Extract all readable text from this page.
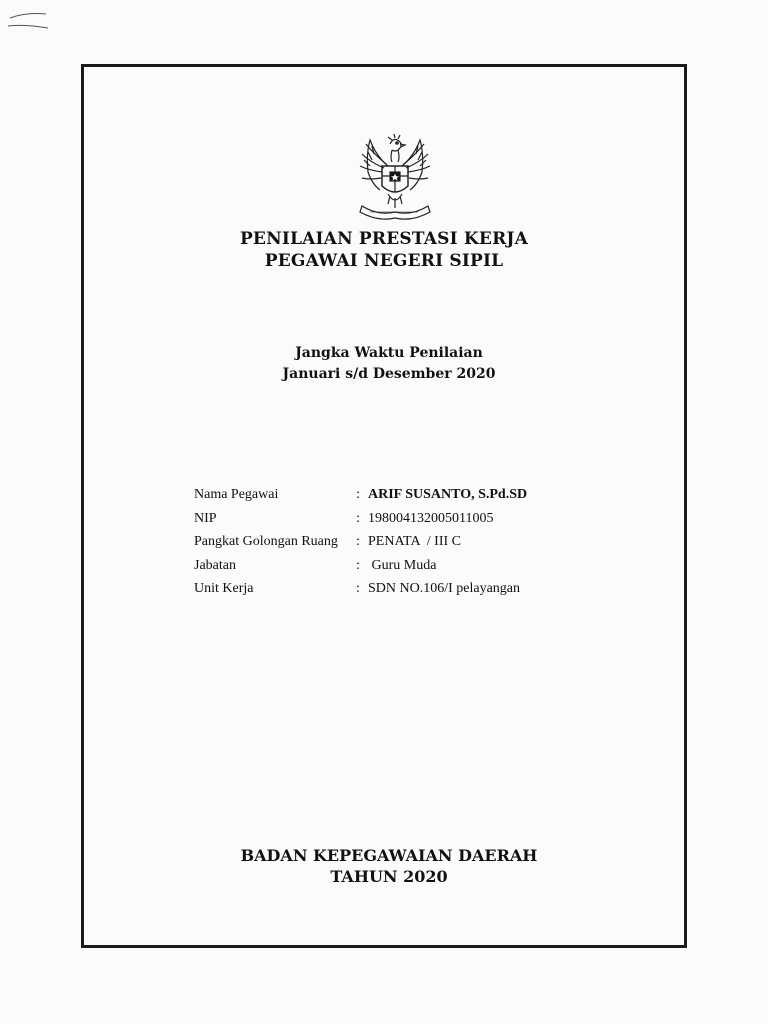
PENILAIAN PRESTASI KERJA
PEGAWAI NEGERI SIPIL
Jangka Waktu Penilaian
Januari s/d Desember 2020
Nama Pegawai	: ARIF SUSANTO, S.Pd.SD
NIP	: 198004132005011005
Pangkat Golongan Ruang : PENATA  / III C
Jabatan	: Guru Muda
Unit Kerja	: SDN NO.106/I pelayangan
BADAN KEPEGAWAIAN DAERAH
TAHUN 2020
